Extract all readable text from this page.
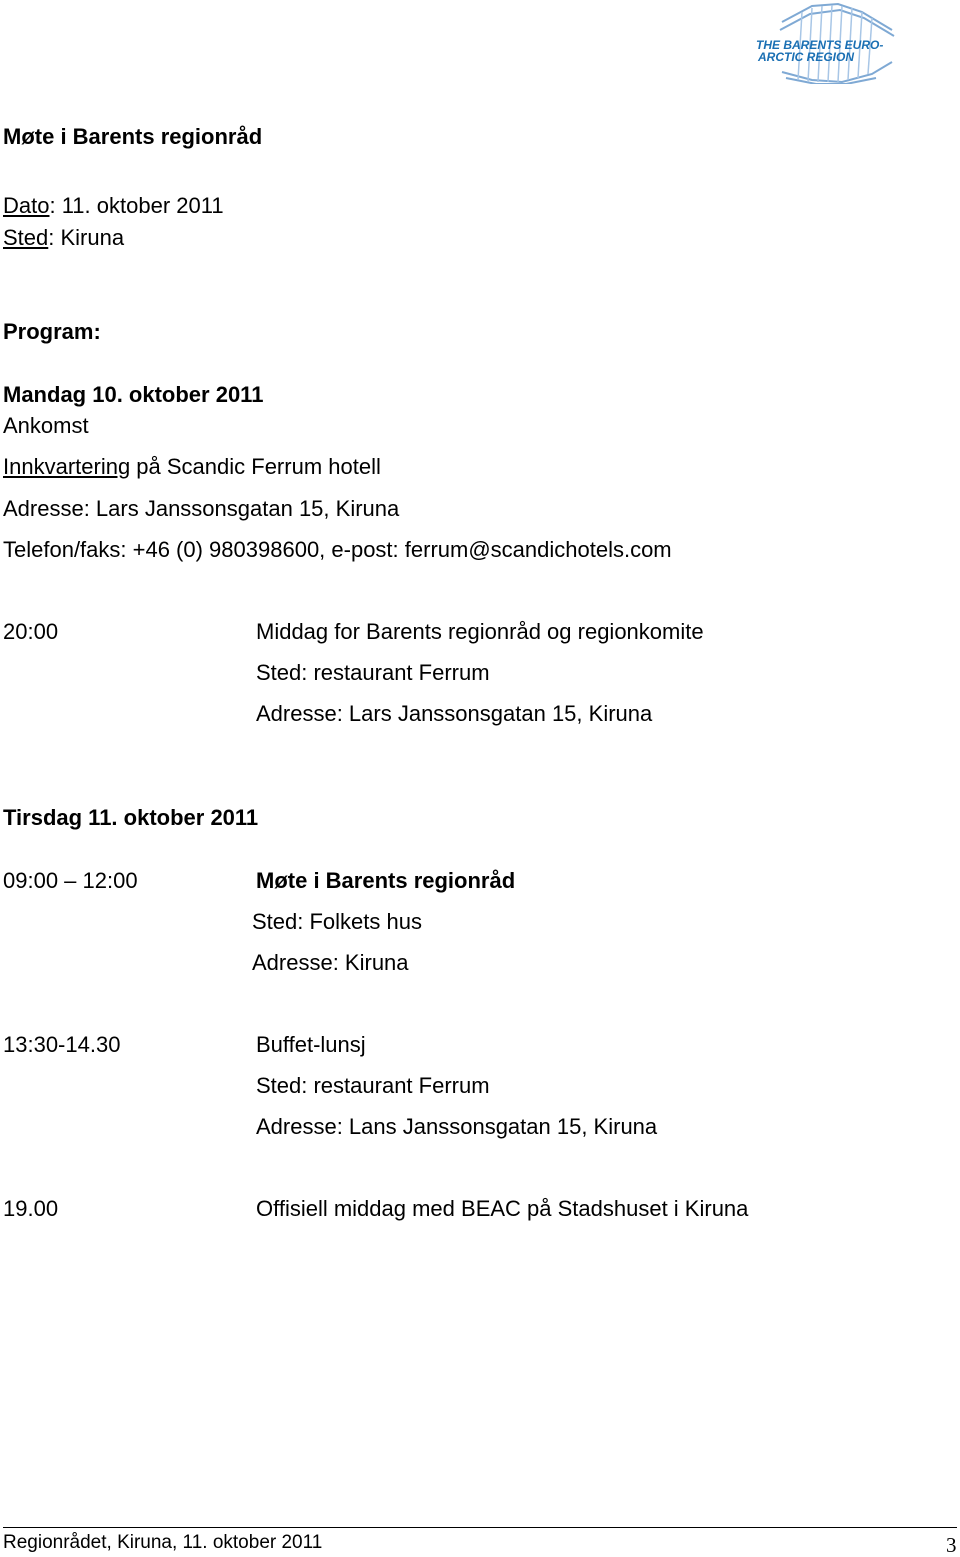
THE BARENTS EURO-
ARCTIC REGION
Møte i Barents regionråd
Dato: 11. oktober 2011
Sted: Kiruna
Program:
Mandag 10. oktober 2011
Ankomst
Innkvartering på Scandic Ferrum hotell
Adresse: Lars Janssonsgatan 15, Kiruna
Telefon/faks: +46 (0) 980398600, e-post: ferrum@scandichotels.com
20:00	Middag for Barents regionråd og regionkomite
Sted: restaurant Ferrum
Adresse: Lars Janssonsgatan 15, Kiruna
Tirsdag 11. oktober 2011
09:00 – 12:00	Møte i Barents regionråd
Sted: Folkets hus
Adresse: Kiruna
13:30-14.30	Buffet-lunsj
Sted: restaurant Ferrum
Adresse: Lans Janssonsgatan 15, Kiruna
19.00	Offisiell middag med BEAC på Stadshuset i Kiruna
Regionrådet, Kiruna, 11. oktober 2011	3
